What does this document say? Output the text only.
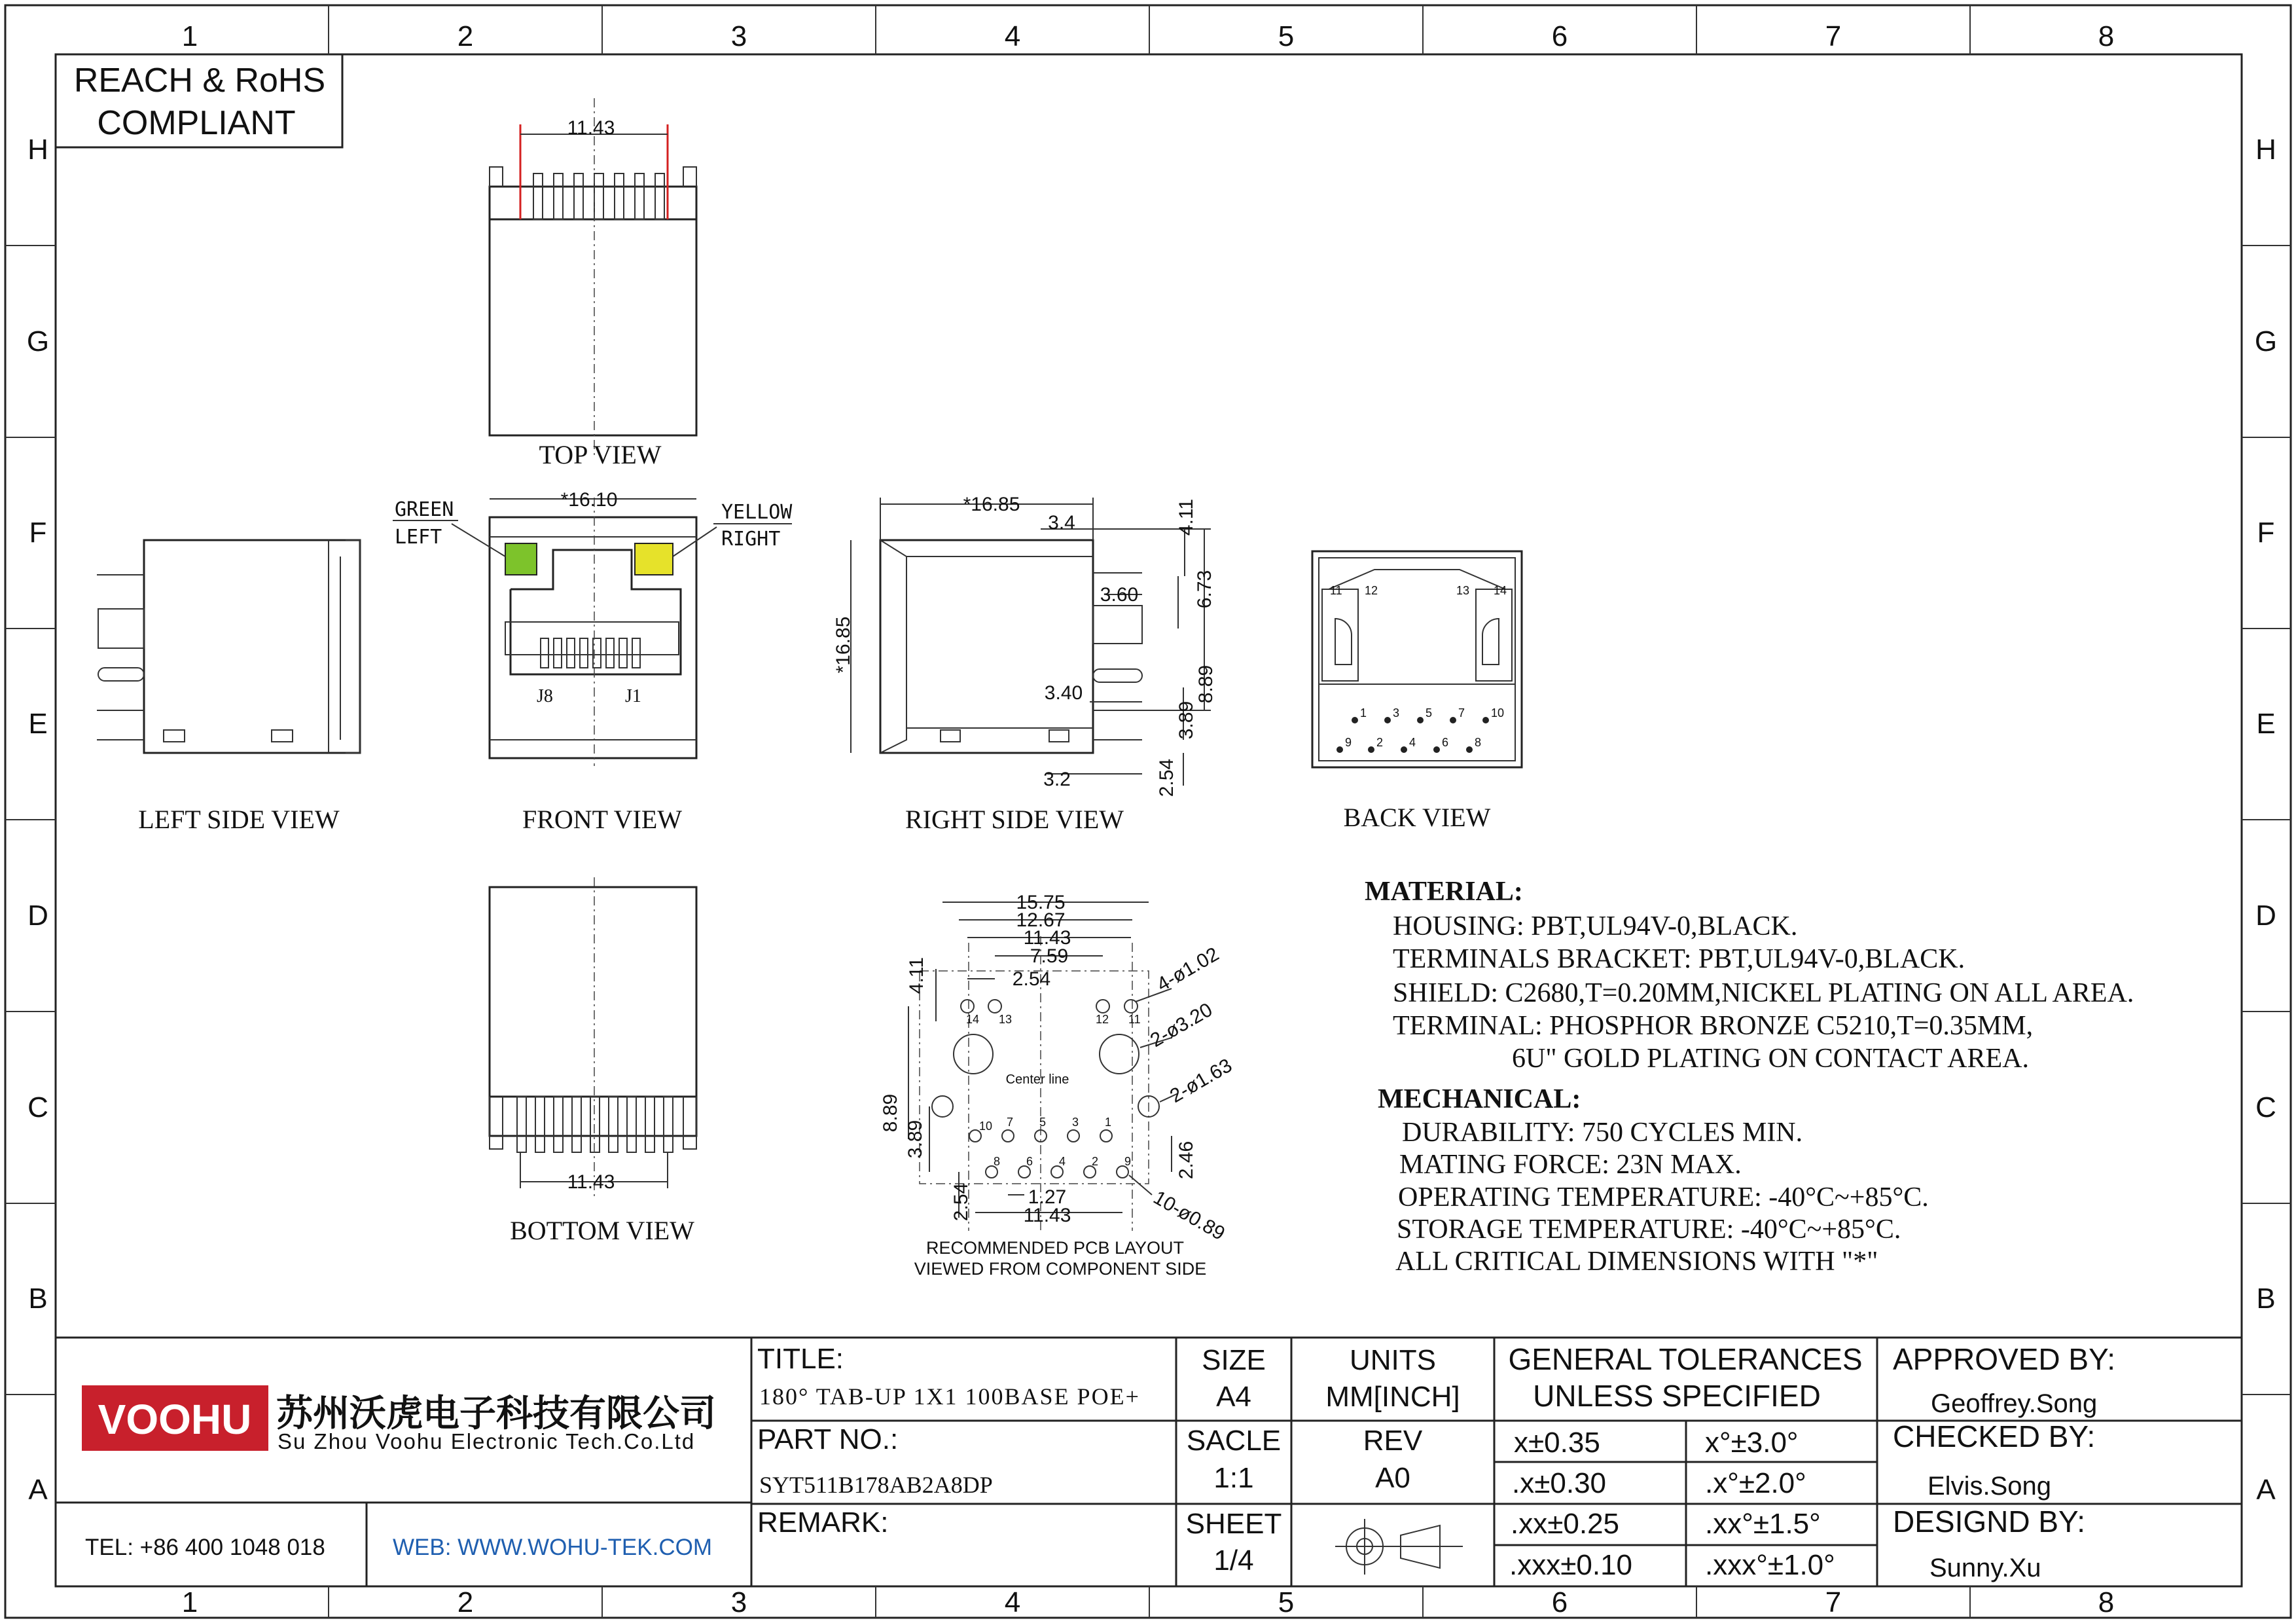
1	2	3	4	5	6	7	8
1	2	3	4	5	6	7	8
H
G
F
E
D
C
B
A
H
G
F
E
D
C
B
A
REACH & RoHS
COMPLIANT	11.43
TOP VIEW
LEFT SIDE VIEW
*16.10
GREEN
LEFT
YELLOW
RIGHT
J8	J1
FRONT VIEW
*16.85
3.4	4.11
3.60	6.73
*16.85
3.40
3.89
8.89
3.2	2.54
RIGHT SIDE VIEW
11 12	13 14
1 3 5 7 10
9 2 4 6 8
BACK VIEW
11.43
BOTTOM VIEW
14 13	12 11
10 7 5 3 1
8 6 4 2 9
15.75
12.67
11.43
7.59
2.54
4.11
8.89
3.89
2.54	1.27
11.43
2.46
4-ø1.02
2-ø3.20
2-ø1.63
10-ø0.89
Center line
RECOMMENDED PCB LAYOUT
VIEWED FROM COMPONENT SIDE
MATERIAL:
HOUSING: PBT,UL94V-0,BLACK.
TERMINALS BRACKET: PBT,UL94V-0,BLACK.
SHIELD: C2680,T=0.20MM,NICKEL PLATING ON ALL AREA.
TERMINAL: PHOSPHOR BRONZE C5210,T=0.35MM,
6U" GOLD PLATING ON CONTACT AREA.
MECHANICAL:
DURABILITY: 750 CYCLES MIN.
MATING FORCE: 23N MAX.
OPERATING TEMPERATURE: -40°C~+85°C.
STORAGE TEMPERATURE: -40°C~+85°C.
ALL CRITICAL DIMENSIONS WITH "*"
VOOHU 苏州沃虎电子科技有限公司
Su Zhou Voohu Electronic Tech.Co.Ltd
TEL: +86 400 1048 018	WEB: WWW.WOHU-TEK.COM
TITLE:
180° TAB-UP 1X1 100BASE POE+
PART NO.:
SYT511B178AB2A8DP
REMARK:
SIZE
A4
UNITS
MM[INCH]
SACLE
1:1
REV
A0
SHEET
1/4
GENERAL TOLERANCES
UNLESS SPECIFIED
x±0.35	x°±3.0°
.x±0.30	.x°±2.0°
.xx±0.25	.xx°±1.5°
.xxx±0.10	.xxx°±1.0°
APPROVED BY:
Geoffrey.Song
CHECKED BY:
Elvis.Song
DESIGND BY:
Sunny.Xu
